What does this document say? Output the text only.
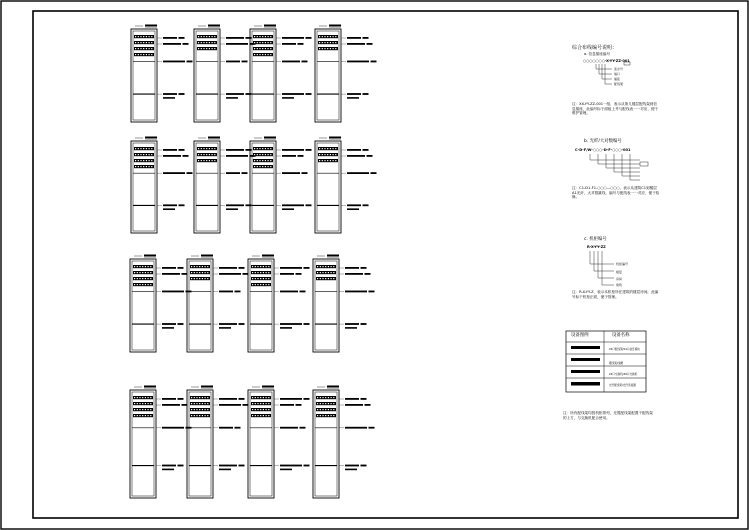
综合布线编号说明：
a. 信息插座编号
○○○○○○○-X-YY-ZZ-001
流水号
端口
插座
配线架
注：XX-YY-ZZ-001一组，表示从第几楼层配线架到信息插座，此编号标于面板上并与配线表一一对应，便于维护管理。
b. 光纤/大对数编号
C-D-F/W-○○○-D-F-○○○-001
注：C1-D1-F1-○○○—○○○，表示从建筑C1到楼层A1光纤，大对数跳线，编号与配线表一一对应，便于检修。
c. 机柜编号
R-X-YY-ZZ
机柜编号
楼层
房间
建筑
注：R-X-YY-Z，表示本机柜所在建筑的楼层房间，此编号标于机柜正面，便于管理。
设备图例	设备名称
24口配线架/24口信息模块
理线架/线槽
24口交换机/48口交换机
光纤配线架/光纤连接器
注：所有配线架均按机柜排列，光缆配线架配置于配线架的上方，与交换机配合使用。
